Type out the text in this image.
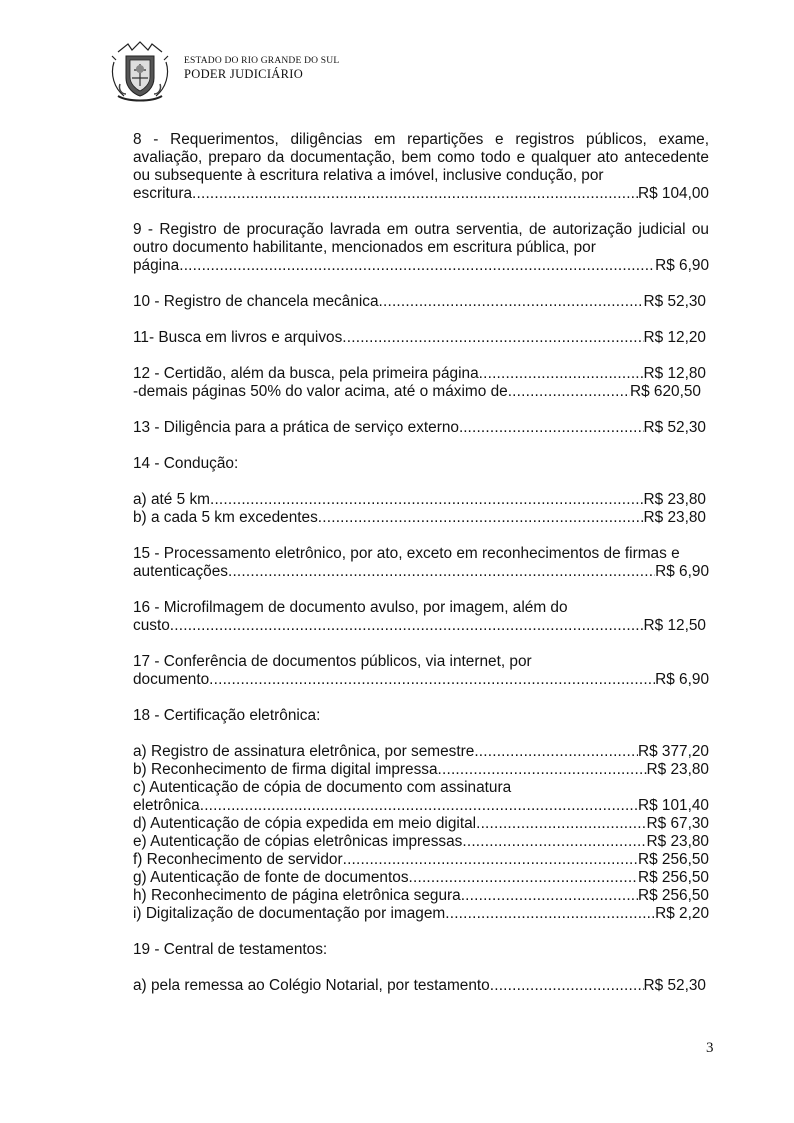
ESTADO DO RIO GRANDE DO SUL
PODER JUDICIÁRIO
8 - Requerimentos, diligências em repartições e registros públicos, exame, avaliação, preparo da documentação, bem como todo e qualquer ato antecedente ou subsequente à escritura relativa a imóvel, inclusive condução, por
escritura .....	R$ 104,00
9 - Registro de procuração lavrada em outra serventia, de autorização judicial ou outro documento habilitante, mencionados em escritura pública, por
página .....	R$ 6,90
10 - Registro de chancela mecânica .....	R$ 52,30
11- Busca em livros e arquivos .....	R$ 12,20
12 - Certidão, além da busca, pela primeira página .....	R$ 12,80
-demais páginas 50% do valor acima, até o máximo de .....	R$ 620,50
13 - Diligência para a prática de serviço externo.. .....	R$ 52,30
14 - Condução:
a) até 5 km .....	R$ 23,80
b) a cada 5 km excedentes .....	R$ 23,80
15 - Processamento eletrônico, por ato, exceto em reconhecimentos de firmas e
autenticações .....	R$ 6,90
16 - Microfilmagem de documento avulso, por imagem, além do
custo .....	R$ 12,50
17 - Conferência de documentos públicos, via internet, por
documento .....	R$ 6,90
18 - Certificação eletrônica:
a) Registro de assinatura eletrônica, por semestre .....	R$ 377,20
b) Reconhecimento de firma digital impressa .....	R$ 23,80
c) Autenticação de cópia de documento com assinatura
eletrônica .....	R$ 101,40
d) Autenticação de cópia expedida em meio digital .....	R$ 67,30
e) Autenticação de cópias eletrônicas impressas .....	R$ 23,80
f) Reconhecimento de servidor .....	R$ 256,50
g) Autenticação de fonte de documentos .....	R$ 256,50
h) Reconhecimento de página eletrônica segura .....	R$ 256,50
i) Digitalização de documentação por imagem .....	R$ 2,20
19 - Central de testamentos:
a) pela remessa ao Colégio Notarial, por testamento .....	R$ 52,30
3
